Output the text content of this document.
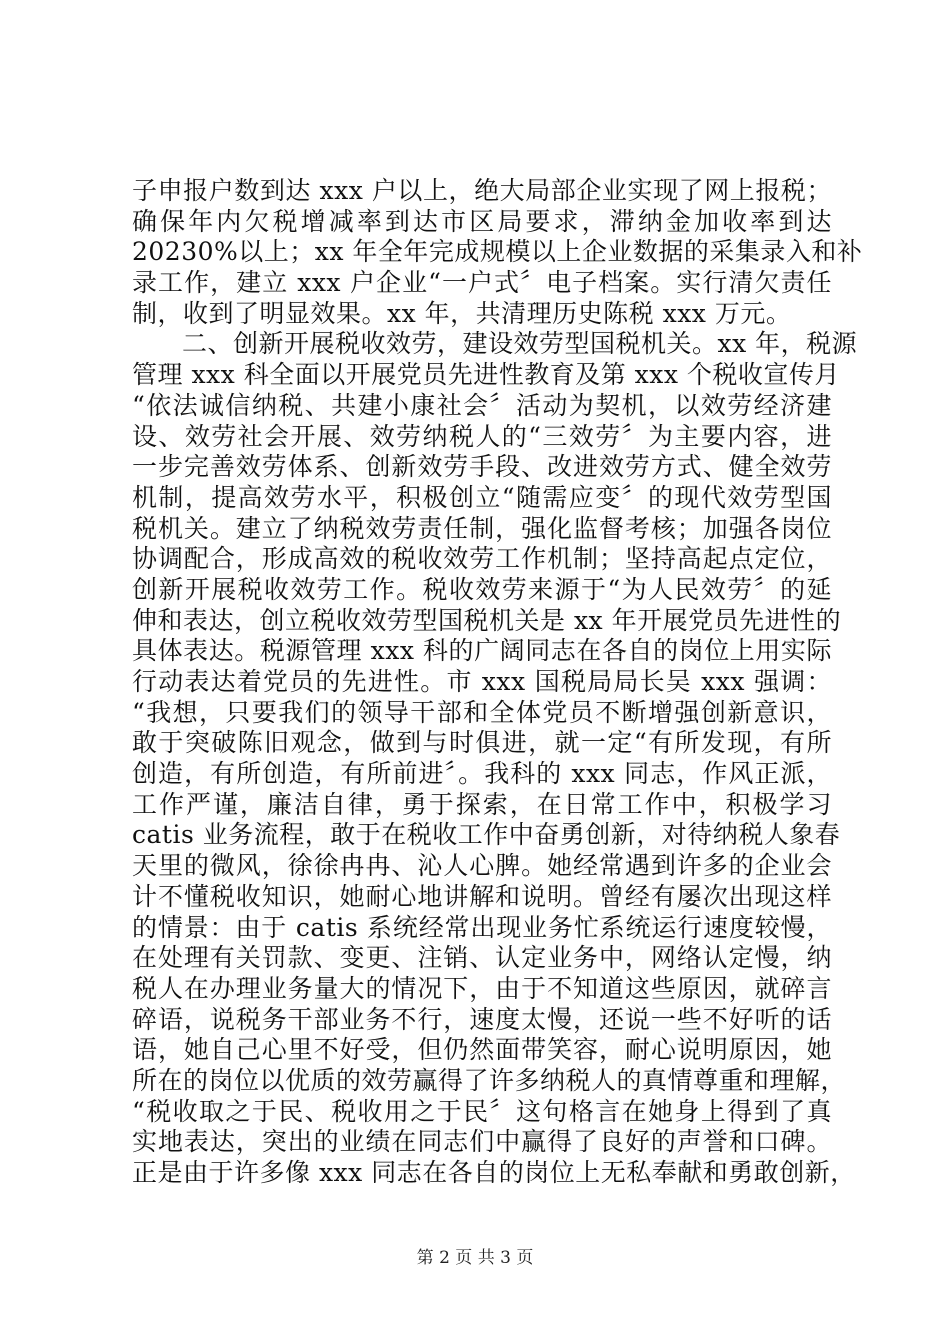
子申报户数到达 xxx 户以上，绝大局部企业实现了网上报税；
确保年内欠税增减率到达市区局要求，滞纳金加收率到达
20230%以上；xx 年全年完成规模以上企业数据的采集录入和补
录工作，建立 xxx 户企业“一户式〞电子档案。实行清欠责任
制，收到了明显效果。xx 年，共清理历史陈税 xxx 万元。
二、创新开展税收效劳，建设效劳型国税机关。xx 年，税源
管理 xxx 科全面以开展党员先进性教育及第 xxx 个税收宣传月
“依法诚信纳税、共建小康社会〞活动为契机，以效劳经济建
设、效劳社会开展、效劳纳税人的“三效劳〞为主要内容，进
一步完善效劳体系、创新效劳手段、改进效劳方式、健全效劳
机制，提高效劳水平，积极创立“随需应变〞的现代效劳型国
税机关。建立了纳税效劳责任制，强化监督考核；加强各岗位
协调配合，形成高效的税收效劳工作机制；坚持高起点定位，
创新开展税收效劳工作。税收效劳来源于“为人民效劳〞的延
伸和表达，创立税收效劳型国税机关是 xx 年开展党员先进性的
具体表达。税源管理 xxx 科的广阔同志在各自的岗位上用实际
行动表达着党员的先进性。市 xxx 国税局局长吴 xxx 强调：
“我想，只要我们的领导干部和全体党员不断增强创新意识，
敢于突破陈旧观念，做到与时俱进，就一定“有所发现，有所
创造，有所创造，有所前进〞。我科的 xxx 同志，作风正派，
工作严谨，廉洁自律，勇于探索，在日常工作中，积极学习
catis 业务流程，敢于在税收工作中奋勇创新，对待纳税人象春
天里的微风，徐徐冉冉、沁人心脾。她经常遇到许多的企业会
计不懂税收知识，她耐心地讲解和说明。曾经有屡次出现这样
的情景：由于 catis 系统经常出现业务忙系统运行速度较慢，
在处理有关罚款、变更、注销、认定业务中，网络认定慢，纳
税人在办理业务量大的情况下，由于不知道这些原因，就碎言
碎语，说税务干部业务不行，速度太慢，还说一些不好听的话
语，她自己心里不好受，但仍然面带笑容，耐心说明原因，她
所在的岗位以优质的效劳赢得了许多纳税人的真情尊重和理解，
“税收取之于民、税收用之于民〞这句格言在她身上得到了真
实地表达，突出的业绩在同志们中赢得了良好的声誉和口碑。
正是由于许多像 xxx 同志在各自的岗位上无私奉献和勇敢创新，
第 2 页 共 3 页
